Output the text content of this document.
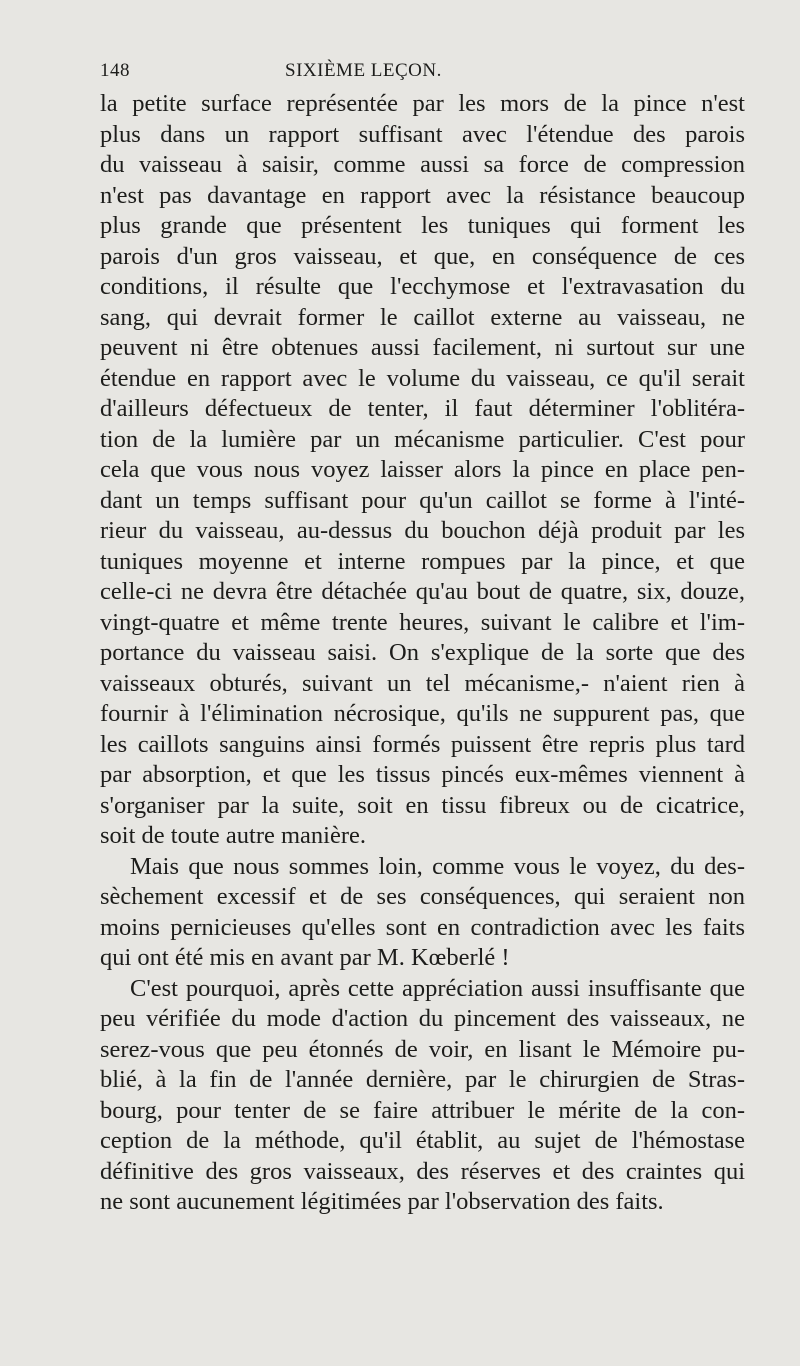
148	SIXIÈME LEÇON.
la petite surface représentée par les mors de la pince n'est
plus dans un rapport suffisant avec l'étendue des parois
du vaisseau à saisir, comme aussi sa force de compression
n'est pas davantage en rapport avec la résistance beaucoup
plus grande que présentent les tuniques qui forment les
parois d'un gros vaisseau, et que, en conséquence de ces
conditions, il résulte que l'ecchymose et l'extravasation du
sang, qui devrait former le caillot externe au vaisseau, ne
peuvent ni être obtenues aussi facilement, ni surtout sur une
étendue en rapport avec le volume du vaisseau, ce qu'il serait
d'ailleurs défectueux de tenter, il faut déterminer l'oblitéra-
tion de la lumière par un mécanisme particulier. C'est pour
cela que vous nous voyez laisser alors la pince en place pen-
dant un temps suffisant pour qu'un caillot se forme à l'inté-
rieur du vaisseau, au-dessus du bouchon déjà produit par les
tuniques moyenne et interne rompues par la pince, et que
celle-ci ne devra être détachée qu'au bout de quatre, six, douze,
vingt-quatre et même trente heures, suivant le calibre et l'im-
portance du vaisseau saisi. On s'explique de la sorte que des
vaisseaux obturés, suivant un tel mécanisme,- n'aient rien à
fournir à l'élimination nécrosique, qu'ils ne suppurent pas, que
les caillots sanguins ainsi formés puissent être repris plus tard
par absorption, et que les tissus pincés eux-mêmes viennent à
s'organiser par la suite, soit en tissu fibreux ou de cicatrice,
soit de toute autre manière.
Mais que nous sommes loin, comme vous le voyez, du des-
sèchement excessif et de ses conséquences, qui seraient non
moins pernicieuses qu'elles sont en contradiction avec les faits
qui ont été mis en avant par M. Kœberlé !
C'est pourquoi, après cette appréciation aussi insuffisante que
peu vérifiée du mode d'action du pincement des vaisseaux, ne
serez-vous que peu étonnés de voir, en lisant le Mémoire pu-
blié, à la fin de l'année dernière, par le chirurgien de Stras-
bourg, pour tenter de se faire attribuer le mérite de la con-
ception de la méthode, qu'il établit, au sujet de l'hémostase
définitive des gros vaisseaux, des réserves et des craintes qui
ne sont aucunement légitimées par l'observation des faits.
